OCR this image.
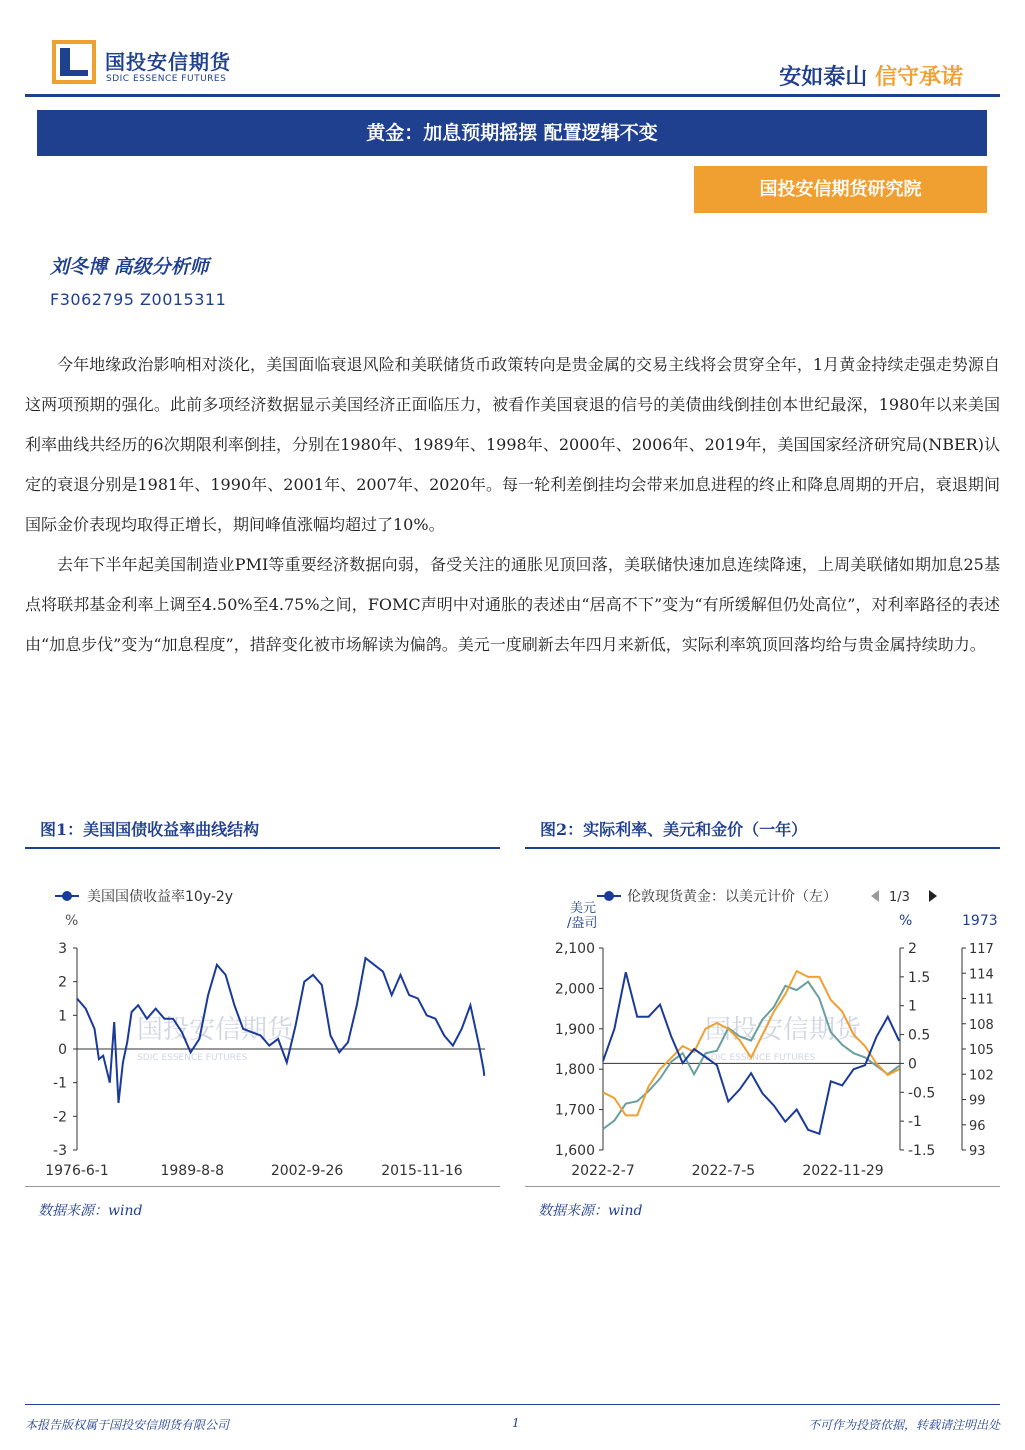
国投安信期货
SDIC ESSENCE FUTURES	安如泰山 信守承诺
黄金：加息预期摇摆 配置逻辑不变
国投安信期货研究院
刘冬博 高级分析师
F3062795 Z0015311

今年地缘政治影响相对淡化，美国面临衰退风险和美联储货币政策转向是贵金属的交易主线将会贯穿全年，1月黄金持续走强走势源自这两项预期的强化。此前多项经济数据显示美国经济正面临压力，被看作美国衰退的信号的美债曲线倒挂创本世纪最深，1980年以来美国利率曲线共经历的6次期限利率倒挂，分别在1980年、1989年、1998年、2000年、2006年、2019年，美国国家经济研究局(NBER)认定的衰退分别是1981年、1990年、2001年、2007年、2020年。每一轮利差倒挂均会带来加息进程的终止和降息周期的开启，衰退期间国际金价表现均取得正增长，期间峰值涨幅均超过了10%。

去年下半年起美国制造业PMI等重要经济数据向弱，备受关注的通胀见顶回落，美联储快速加息连续降速，上周美联储如期加息25基点将联邦基金利率上调至4.50%至4.75%之间，FOMC声明中对通胀的表述由“居高不下”变为“有所缓解但仍处高位”，对利率路径的表述由“加息步伐”变为“加息程度”，措辞变化被市场解读为偏鸽。美元一度刷新去年四月来新低，实际利率筑顶回落均给与贵金属持续助力。

图1：美国国债收益率曲线结构
美国国债收益率10y-2y
%
国投安信期货
SDIC ESSENCE FUTURES
3
2
1
0
-1
-2
-3
1976-6-1	1989-8-8	2002-9-26	2015-11-16
数据来源：wind
图2：实际利率、美元和金价（一年）
伦敦现货黄金：以美元计价（左）	1/3
美元
/盎司	%	1973
国投安信期货
SDIC ESSENCE FUTURES
2,100
2,000
1,900
1,800
1,700
1,600
2
1.5
1
0.5
0
-0.5
-1
-1.5
117
114
111
108
105
102
99
96
93
2022-2-7	2022-7-5	2022-11-29
数据来源：wind
本报告版权属于国投安信期货有限公司	1	不可作为投资依据，转载请注明出处
